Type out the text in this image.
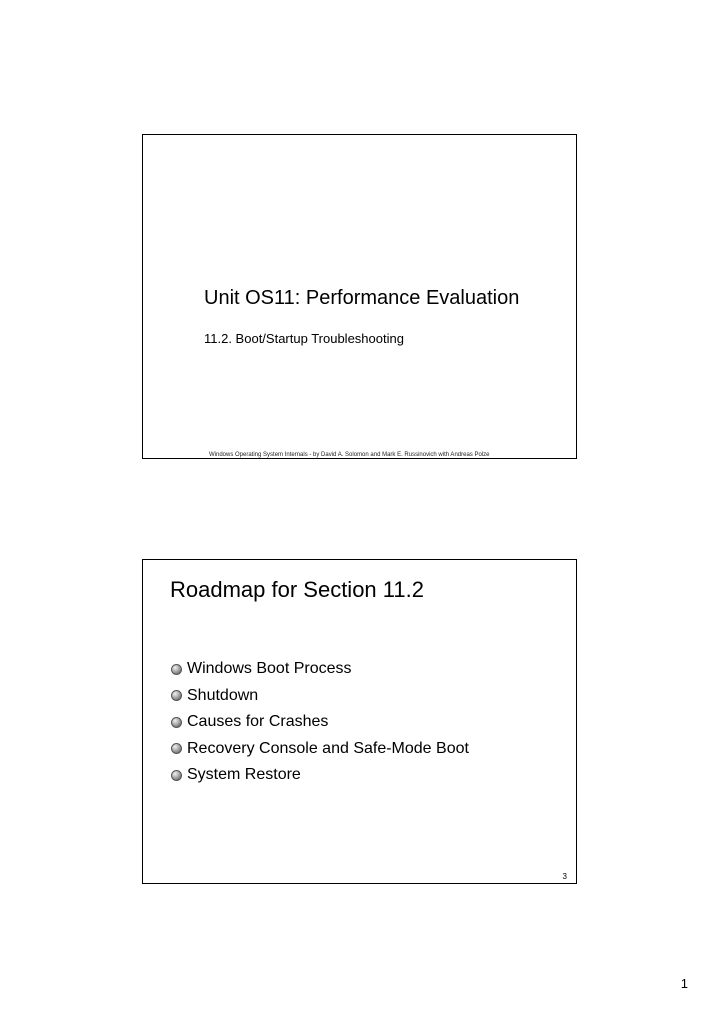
Unit OS11: Performance Evaluation
11.2. Boot/Startup Troubleshooting
Windows Operating System Internals - by David A. Solomon and Mark E. Russinovich with Andreas Polze
Roadmap for Section 11.2
Windows Boot Process
Shutdown
Causes for Crashes
Recovery Console and Safe-Mode Boot
System Restore
3
1
